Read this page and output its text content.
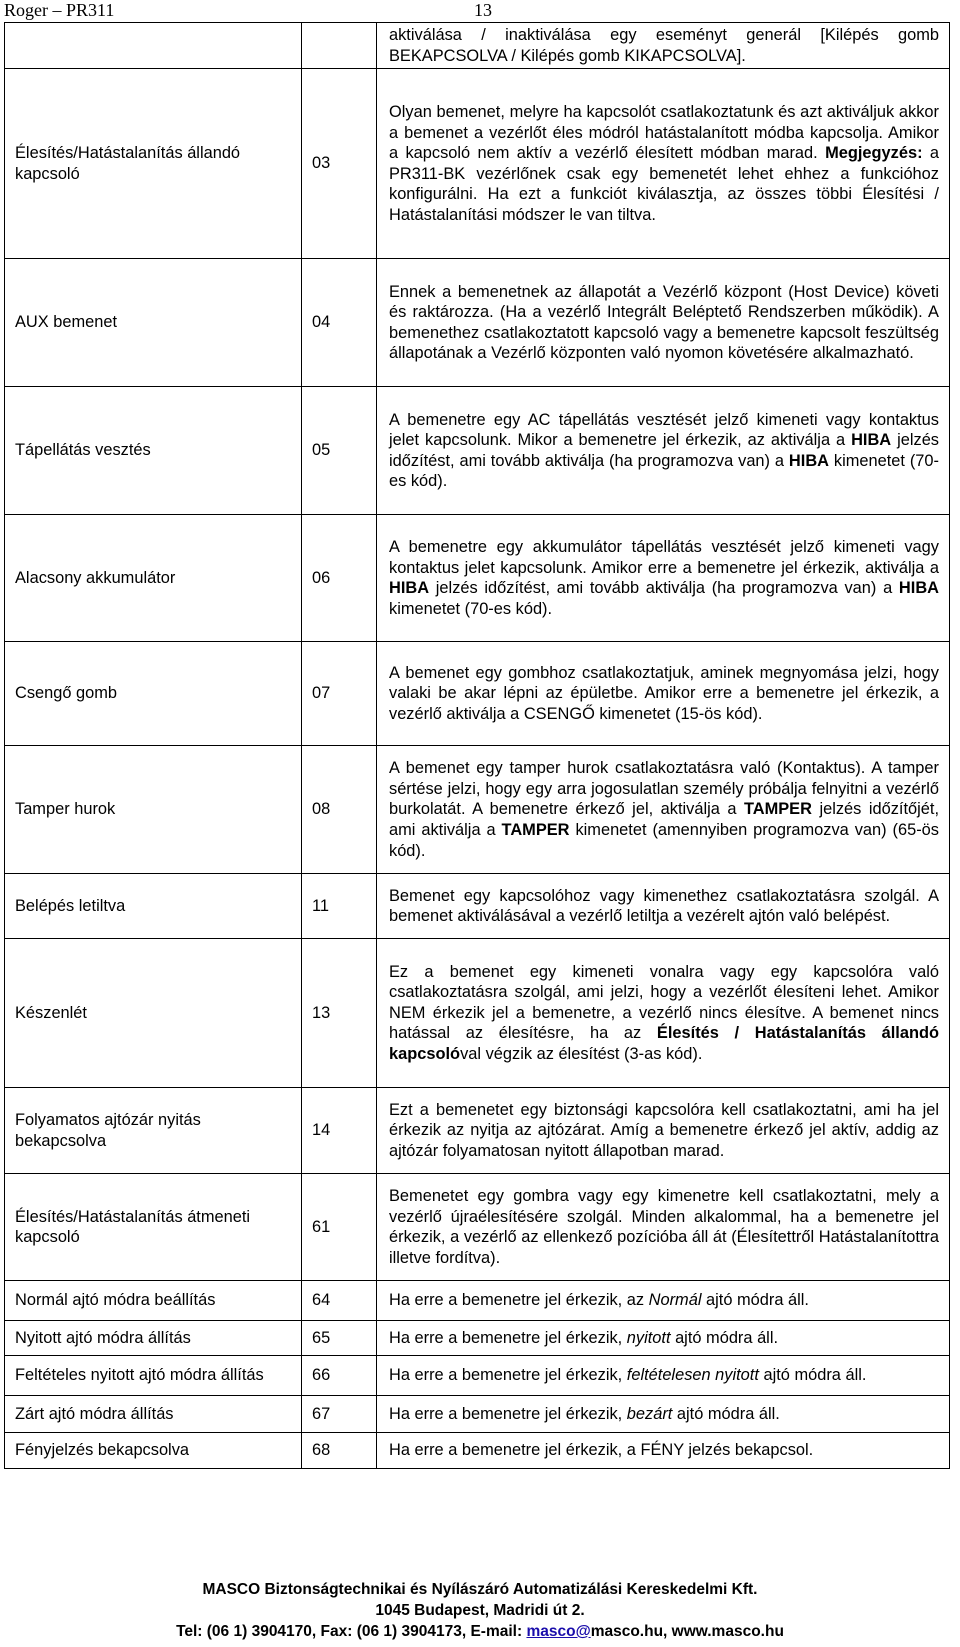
Roger – PR311	13
		aktiválása / inaktiválása egy eseményt generál [Kilépés gomb BEKAPCSOLVA / Kilépés gomb KIKAPCSOLVA].
Élesítés/Hatástalanítás állandó kapcsoló	03	Olyan bemenet, melyre ha kapcsolót csatlakoztatunk és azt aktiváljuk akkor a bemenet a vezérlőt éles módról hatástalanított módba kapcsolja. Amikor a kapcsoló nem aktív a vezérlő élesített módban marad. Megjegyzés: a PR311-BK vezérlőnek csak egy bemenetét lehet ehhez a funkcióhoz konfigurálni. Ha ezt a funkciót kiválasztja, az összes többi Élesítési / Hatástalanítási módszer le van tiltva.
AUX bemenet	04	Ennek a bemenetnek az állapotát a Vezérlő központ (Host Device) követi és raktározza. (Ha a vezérlő Integrált Beléptető Rendszerben működik). A bemenethez csatlakoztatott kapcsoló vagy a bemenetre kapcsolt feszültség állapotának a Vezérlő központen való nyomon követésére alkalmazható.
Tápellátás vesztés	05	A bemenetre egy AC tápellátás vesztését jelző kimeneti vagy kontaktus jelet kapcsolunk. Mikor a bemenetre jel érkezik, az aktiválja a HIBA jelzés időzítést, ami tovább aktiválja (ha programozva van) a HIBA kimenetet (70-es kód).
Alacsony akkumulátor	06	A bemenetre egy akkumulátor tápellátás vesztését jelző kimeneti vagy kontaktus jelet kapcsolunk. Amikor erre a bemenetre jel érkezik, aktiválja a HIBA jelzés időzítést, ami tovább aktiválja (ha programozva van) a HIBA kimenetet (70-es kód).
Csengő gomb	07	A bemenet egy gombhoz csatlakoztatjuk, aminek megnyomása jelzi, hogy valaki be akar lépni az épületbe. Amikor erre a bemenetre jel érkezik, a vezérlő aktiválja a CSENGŐ kimenetet (15-ös kód).
Tamper hurok	08	A bemenet egy tamper hurok csatlakoztatásra való (Kontaktus). A tamper sértése jelzi, hogy egy arra jogosulatlan személy próbálja felnyitni a vezérlő burkolatát. A bemenetre érkező jel, aktiválja a TAMPER jelzés időzítőjét, ami aktiválja a TAMPER kimenetet (amennyiben programozva van) (65-ös kód).
Belépés letiltva	11	Bemenet egy kapcsolóhoz vagy kimenethez csatlakoztatásra szolgál. A bemenet aktiválásával a vezérlő letiltja a vezérelt ajtón való belépést.
Készenlét	13	Ez a bemenet egy kimeneti vonalra vagy egy kapcsolóra való csatlakoztatásra szolgál, ami jelzi, hogy a vezérlőt élesíteni lehet. Amikor NEM érkezik jel a bemenetre, a vezérlő nincs élesítve. A bemenet nincs hatással az élesítésre, ha az Élesítés / Hatástalanítás állandó kapcsolóval végzik az élesítést (3-as kód).
Folyamatos ajtózár nyitás bekapcsolva	14	Ezt a bemenetet egy biztonsági kapcsolóra kell csatlakoztatni, ami ha jel érkezik az nyitja az ajtózárat. Amíg a bemenetre érkező jel aktív, addig az ajtózár folyamatosan nyitott állapotban marad.
Élesítés/Hatástalanítás átmeneti kapcsoló	61	Bemenetet egy gombra vagy egy kimenetre kell csatlakoztatni, mely a vezérlő újraélesítésére szolgál. Minden alkalommal, ha a bemenetre jel érkezik, a vezérlő az ellenkező pozícióba áll át (Élesítettről Hatástalanítottra illetve fordítva).
Normál ajtó módra beállítás	64	Ha erre a bemenetre jel érkezik, az Normál ajtó módra áll.
Nyitott ajtó módra állítás	65	Ha erre a bemenetre jel érkezik, nyitott ajtó módra áll.
Feltételes nyitott ajtó módra állítás	66	Ha erre a bemenetre jel érkezik, feltételesen nyitott ajtó módra áll.
Zárt ajtó módra állítás	67	Ha erre a bemenetre jel érkezik, bezárt ajtó módra áll.
Fényjelzés bekapcsolva	68	Ha erre a bemenetre jel érkezik, a FÉNY jelzés bekapcsol.
MASCO Biztonságtechnikai és Nyílászáró Automatizálási Kereskedelmi Kft.
1045 Budapest, Madridi út 2.
Tel: (06 1) 3904170, Fax: (06 1) 3904173, E-mail: masco@masco.hu, www.masco.hu
